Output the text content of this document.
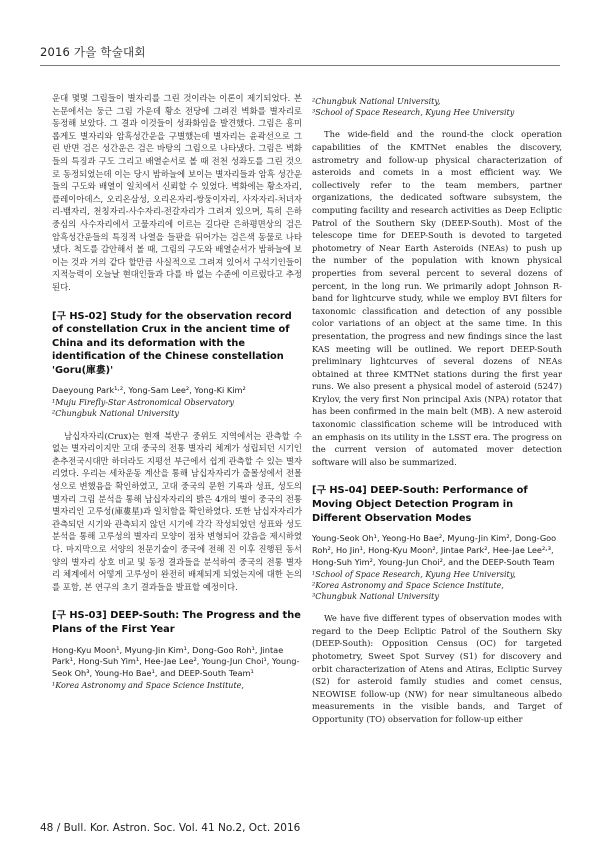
2016 가을 학술대회

운대 몇몇 그림들이 별자리를 그린 것이라는 이론이 제기되었다. 본 논문에서는 둥근 그림 가운데 황소 전당에 그려진 벽화를 별자리로 동정해 보았다. 그 결과 이것들이 성좌화임을 발견했다. 그림은 흥미롭게도 별자리와 암흑성간운을 구별했는데 별자리는 윤곽선으로 그린 반면 검은 성간운은 검은 바탕의 그림으로 나타냈다. 그림은 벽화들의 특징과 구도 그리고 배열순서로 볼 때 전천 성좌도를 그린 것으로 동정되었는데 이는 당시 밤하늘에 보이는 별자리들과 암흑 성간운들의 구도와 배열이 일치에서 신뢰할 수 있었다. 벽화에는 황소자리, 플레이아데스, 오리온삼성, 오리온자리-쌍둥이자리, 사자자리-처녀자리-뱀자리, 천칭자리-사수자리-전갈자리가 그려져 있으며, 특히 은하중심의 사수자리에서 고물자리에 이르는 길다란 은하평면상의 검은 암흑성간운들의 특징적 나열을 들판을 뒤어가는 검은색 동물로 나타냈다. 척도를 감안해서 볼 때, 그림의 구도와 배열순서가 밤하늘에 보이는 것과 거의 같다 할만큼 사실적으로 그려져 있어서 구석기인들이 지적능력이 오늘날 현대인들과 다를 바 없는 수준에 이르렀다고 추정된다.

[구 HS-02] Study for the observation record of constellation Crux in the ancient time of China and its deformation with the identification of the Chinese constellation 'Goru(庫婁)'
Daeyoung Park¹˒², Yong-Sam Lee², Yong-Ki Kim²
¹Muju Firefly-Star Astronomical Observatory
²Chungbuk National University

남십자자리(Crux)는 현재 북반구 중위도 지역에서는 관측할 수 없는 별자리이지만 고대 중국의 전통 별자리 체계가 성립되던 시기인 춘추전국시대만 하더라도 지평선 부근에서 쉽게 관측할 수 있는 별자리였다. 우리는 세차운동 계산을 통해 남십자자리가 출몰성에서 전몰성으로 변했음을 확인하였고, 고대 중국의 문헌 기록과 성표, 성도의 별자리 그림 분석을 통해 남십자자리의 밝은 4개의 별이 중국의 전통 별자리인 고루성(庫婁星)과 일치함을 확인하였다. 또한 남십자자리가 관측되던 시기와 관측되지 않던 시기에 각각 작성되었던 성표와 성도 분석을 통해 고루성의 별자리 모양이 점차 변형되어 갔음을 제시하였다. 마지막으로 서양의 천문기술이 중국에 전해 진 이후 진행된 동서양의 별자리 상호 비교 및 동정 결과들을 분석하여 중국의 전통 별자리 체계에서 어떻게 고루성이 완전히 배제되게 되었는지에 대한 논의를 포함, 본 연구의 초기 결과들을 발표할 예정이다.

[구 HS-03] DEEP-South: The Progress and the Plans of the First Year
Hong-Kyu Moon¹, Myung-Jin Kim¹, Dong-Goo Roh¹, Jintae Park¹, Hong-Suh Yim¹, Hee-Jae Lee², Young-Jun Choi¹, Young-Seok Oh³, Young-Ho Bae¹, and DEEP-South Team¹
¹Korea Astronomy and Space Science Institute,
²Chungbuk National University,
³School of Space Research, Kyung Hee University

The wide-field and the round-the clock operation capabilities of the KMTNet enables the discovery, astrometry and follow-up physical characterization of asteroids and comets in a most efficient way. We collectively refer to the team members, partner organizations, the dedicated software subsystem, the computing facility and research activities as Deep Ecliptic Patrol of the Southern Sky (DEEP-South). Most of the telescope time for DEEP-South is devoted to targeted photometry of Near Earth Asteroids (NEAs) to push up the number of the population with known physical properties from several percent to several dozens of percent, in the long run. We primarily adopt Johnson R-band for lightcurve study, while we employ BVI filters for taxonomic classification and detection of any possible color variations of an object at the same time. In this presentation, the progress and new findings since the last KAS meeting will be outlined. We report DEEP-South preliminary lightcurves of several dozens of NEAs obtained at three KMTNet stations during the first year runs. We also present a physical model of asteroid (5247) Krylov, the very first Non principal Axis (NPA) rotator that has been confirmed in the main belt (MB). A new asteroid taxonomic classification scheme will be introduced with an emphasis on its utility in the LSST era. The progress on the current version of automated mover detection software will also be summarized.

[구 HS-04] DEEP-South: Performance of Moving Object Detection Program in Different Observation Modes
Young-Seok Oh¹, Yeong-Ho Bae², Myung-Jin Kim², Dong-Goo Roh², Ho Jin¹, Hong-Kyu Moon², Jintae Park², Hee-Jae Lee²˒³, Hong-Suh Yim², Young-Jun Choi², and the DEEP-South Team
¹School of Space Research, Kyung Hee University,
²Korea Astronomy and Space Science Institute,
³Chungbuk National University

We have five different types of observation modes with regard to the Deep Ecliptic Patrol of the Southern Sky (DEEP-South): Opposition Census (OC) for targeted photometry, Sweet Spot Survey (S1) for discovery and orbit characterization of Atens and Atiras, Ecliptic Survey (S2) for asteroid family studies and comet census, NEOWISE follow-up (NW) for near simultaneous albedo measurements in the visible bands, and Target of Opportunity (TO) observation for follow-up either

48 / Bull. Kor. Astron. Soc. Vol. 41 No.2, Oct. 2016
